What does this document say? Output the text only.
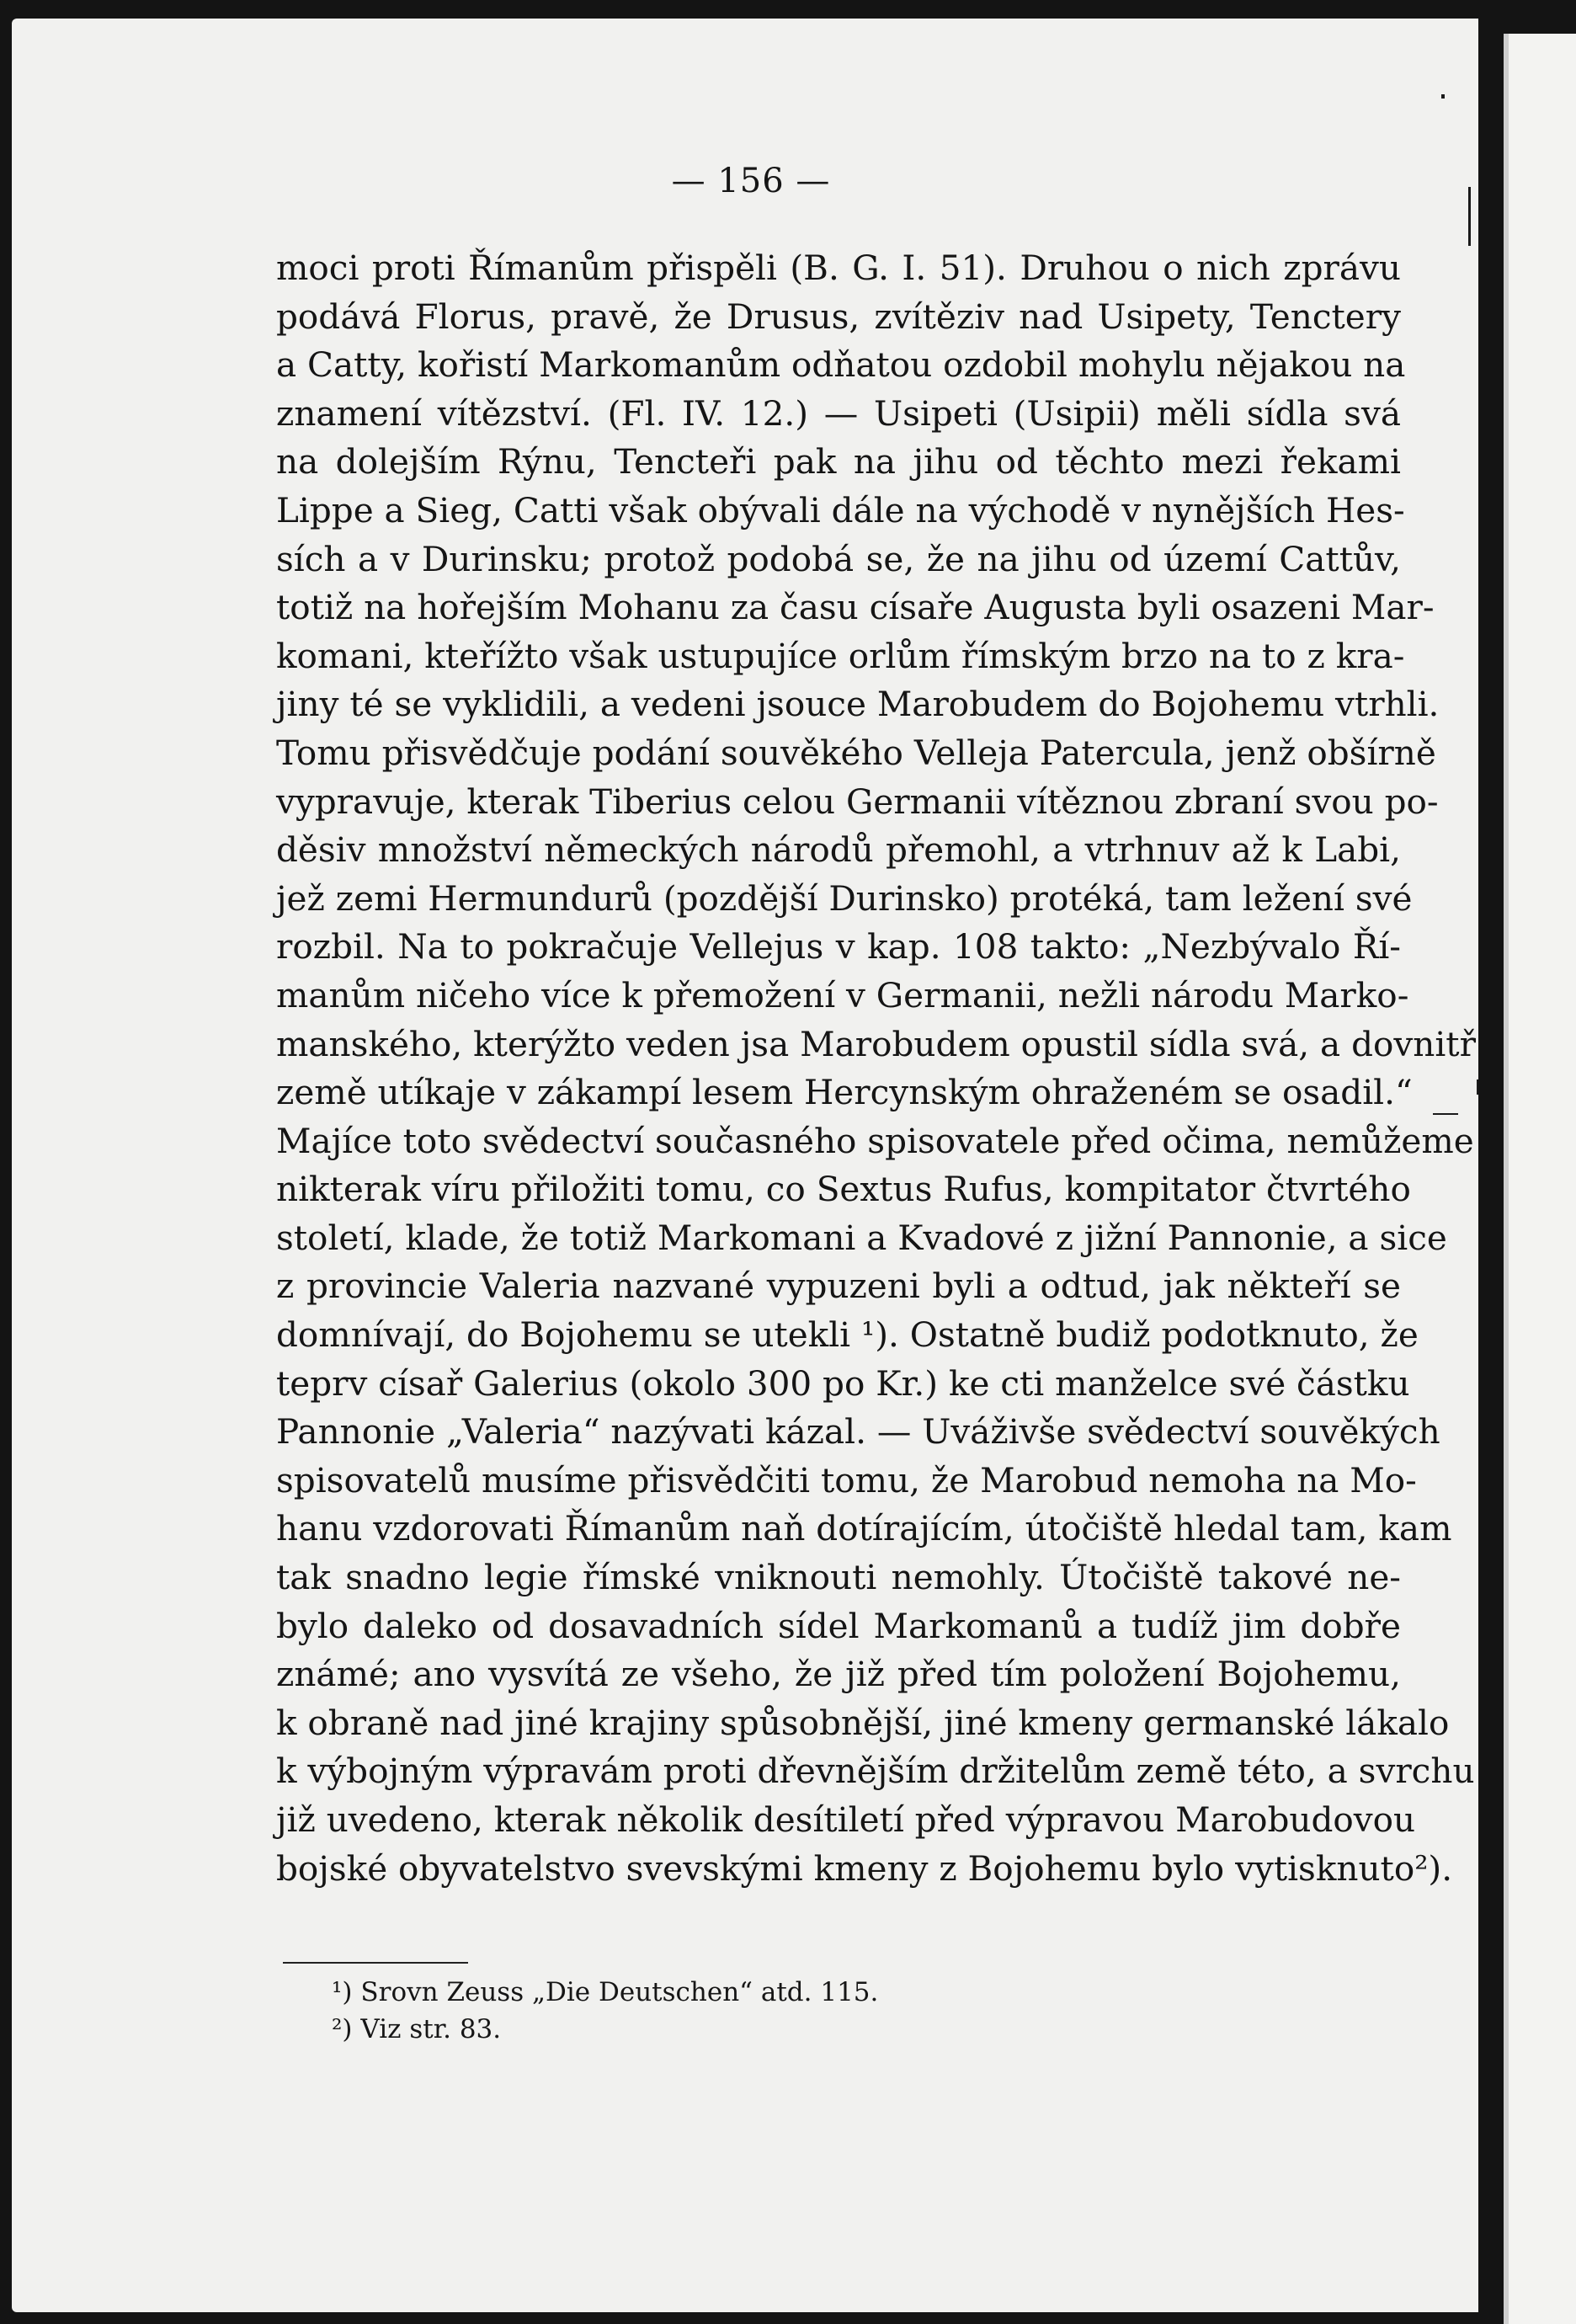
— 156 —
moci proti Římanům přispěli (B. G. I. 51). Druhou o nich zprávu
podává Florus, pravě, že Drusus, zvítěziv nad Usipety, Tenctery
a Catty, kořistí Markomanům odňatou ozdobil mohylu nějakou na
znamení vítězství. (Fl. IV. 12.) — Usipeti (Usipii) měli sídla svá
na dolejším Rýnu, Tencteři pak na jihu od těchto mezi řekami
Lippe a Sieg, Catti však obývali dále na východě v nynějších Hes-
sích a v Durinsku; protož podobá se, že na jihu od území Cattův,
totiž na hořejším Mohanu za času císaře Augusta byli osazeni Mar-
komani, kteřížto však ustupujíce orlům římským brzo na to z kra-
jiny té se vyklidili, a vedeni jsouce Marobudem do Bojohemu vtrhli.
Tomu přisvědčuje podání souvěkého Velleja Patercula, jenž obšírně
vypravuje, kterak Tiberius celou Germanii vítěznou zbraní svou po-
děsiv množství německých národů přemohl, a vtrhnuv až k Labi,
jež zemi Hermundurů (pozdější Durinsko) protéká, tam ležení své
rozbil. Na to pokračuje Vellejus v kap. 108 takto: „Nezbývalo Ří-
manům ničeho více k přemožení v Germanii, nežli národu Marko-
manského, kterýžto veden jsa Marobudem opustil sídla svá, a dovnitř
země utíkaje v zákampí lesem Hercynským ohraženém se osadil.“
Majíce toto svědectví současného spisovatele před očima, nemůžeme
nikterak víru přiložiti tomu, co Sextus Rufus, kompitator čtvrtého
století, klade, že totiž Markomani a Kvadové z jižní Pannonie, a sice
z provincie Valeria nazvané vypuzeni byli a odtud, jak někteří se
domnívají, do Bojohemu se utekli ¹). Ostatně budiž podotknuto, že
teprv císař Galerius (okolo 300 po Kr.) ke cti manželce své částku
Pannonie „Valeria“ nazývati kázal. — Uváživše svědectví souvěkých
spisovatelů musíme přisvědčiti tomu, že Marobud nemoha na Mo-
hanu vzdorovati Římanům naň dotírajícím, útočiště hledal tam, kam
tak snadno legie římské vniknouti nemohly. Útočiště takové ne-
bylo daleko od dosavadních sídel Markomanů a tudíž jim dobře
známé; ano vysvítá ze všeho, že již před tím položení Bojohemu,
k obraně nad jiné krajiny spůsobnější, jiné kmeny germanské lákalo
k výbojným výpravám proti dřevnějším držitelům země této, a svrchu
již uvedeno, kterak několik desítiletí před výpravou Marobudovou
bojské obyvatelstvo svevskými kmeny z Bojohemu bylo vytisknuto²).
¹) Srovn Zeuss „Die Deutschen“ atd. 115.
²) Viz str. 83.
